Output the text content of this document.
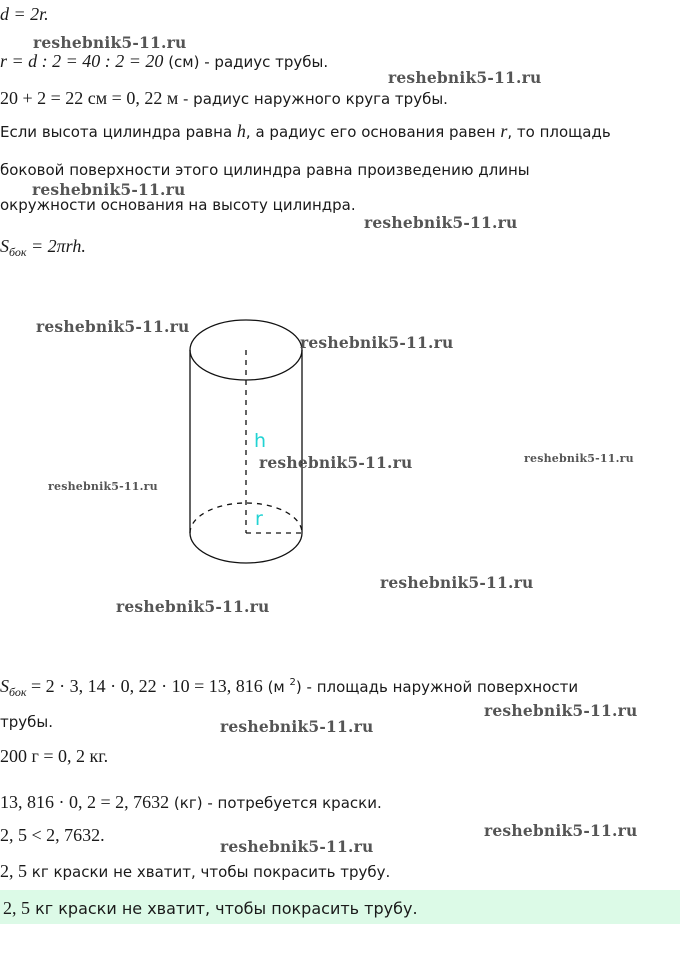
d = 2r.
r = d : 2 = 40 : 2 = 20 (см) - радиус трубы.
20 + 2 = 22 см = 0, 22 м - радиус наружного круга трубы.
Если высота цилиндра равна h, а радиус его основания равен r, то площадь
боковой поверхности этого цилиндра равна произведению длины
окружности основания на высоту цилиндра.
$S_{бок} = 2\pi rh$.
h
r
$S_{бок} = 2 \cdot 3$, 14 · 0, 22 · 10 = 13, 816 (м $^2$) - площадь наружной поверхности
трубы.
200 г = 0, 2 кг.
13, 816 · 0, 2 = 2, 7632 (кг) - потребуется краски.
2, 5 < 2, 7632.
2, 5 кг краски не хватит, чтобы покрасить трубу.
2, 5 кг краски не хватит, чтобы покрасить трубу.
reshebnik5-11.ru
reshebnik5-11.ru
reshebnik5-11.ru
reshebnik5-11.ru
reshebnik5-11.ru
reshebnik5-11.ru
reshebnik5-11.ru	reshebnik5-11.ru
reshebnik5-11.ru
reshebnik5-11.ru
reshebnik5-11.ru
reshebnik5-11.ru
reshebnik5-11.ru
reshebnik5-11.ru
reshebnik5-11.ru
